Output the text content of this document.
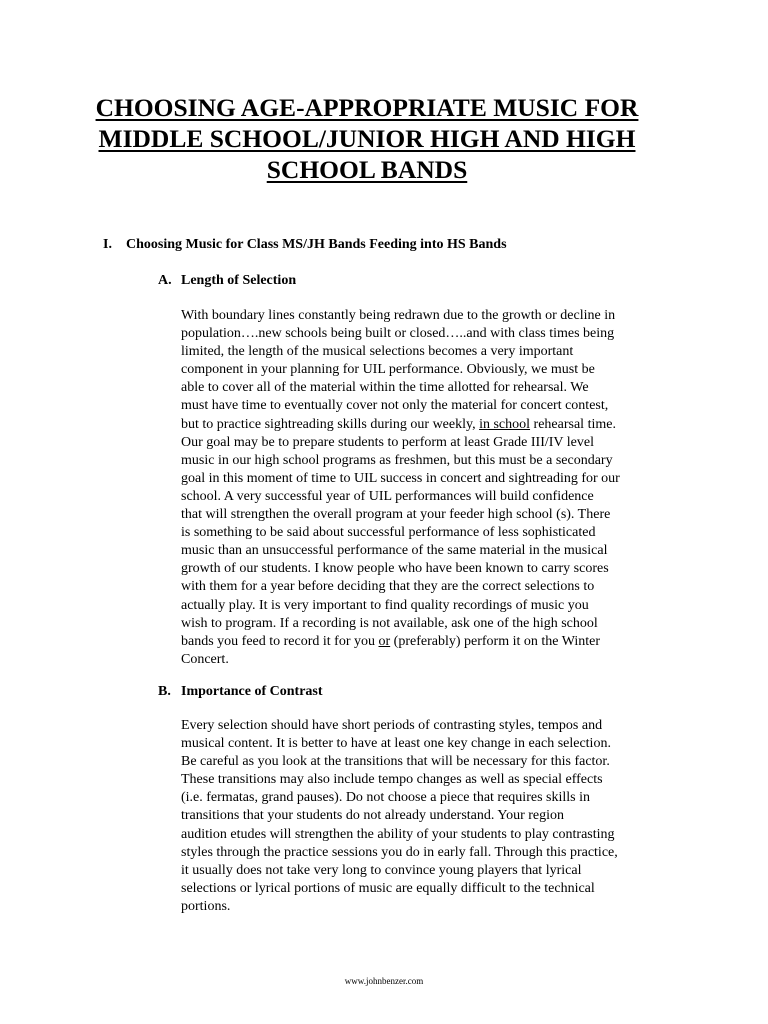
CHOOSING AGE-APPROPRIATE MUSIC FOR
MIDDLE SCHOOL/JUNIOR HIGH AND HIGH
SCHOOL BANDS
I. Choosing Music for Class MS/JH Bands Feeding into HS Bands
A. Length of Selection

With boundary lines constantly being redrawn due to the growth or decline in
population….new schools being built or closed…..and with class times being
limited, the length of the musical selections becomes a very important
component in your planning for UIL performance. Obviously, we must be
able to cover all of the material within the time allotted for rehearsal. We
must have time to eventually cover not only the material for concert contest,
but to practice sightreading skills during our weekly, in school rehearsal time.
Our goal may be to prepare students to perform at least Grade III/IV level
music in our high school programs as freshmen, but this must be a secondary
goal in this moment of time to UIL success in concert and sightreading for our
school. A very successful year of UIL performances will build confidence
that will strengthen the overall program at your feeder high school (s). There
is something to be said about successful performance of less sophisticated
music than an unsuccessful performance of the same material in the musical
growth of our students. I know people who have been known to carry scores
with them for a year before deciding that they are the correct selections to
actually play. It is very important to find quality recordings of music you
wish to program. If a recording is not available, ask one of the high school
bands you feed to record it for you or (preferably) perform it on the Winter
Concert.

B. Importance of Contrast

Every selection should have short periods of contrasting styles, tempos and
musical content. It is better to have at least one key change in each selection.
Be careful as you look at the transitions that will be necessary for this factor.
These transitions may also include tempo changes as well as special effects
(i.e. fermatas, grand pauses). Do not choose a piece that requires skills in
transitions that your students do not already understand. Your region
audition etudes will strengthen the ability of your students to play contrasting
styles through the practice sessions you do in early fall. Through this practice,
it usually does not take very long to convince young players that lyrical
selections or lyrical portions of music are equally difficult to the technical
portions.

www.johnbenzer.com
